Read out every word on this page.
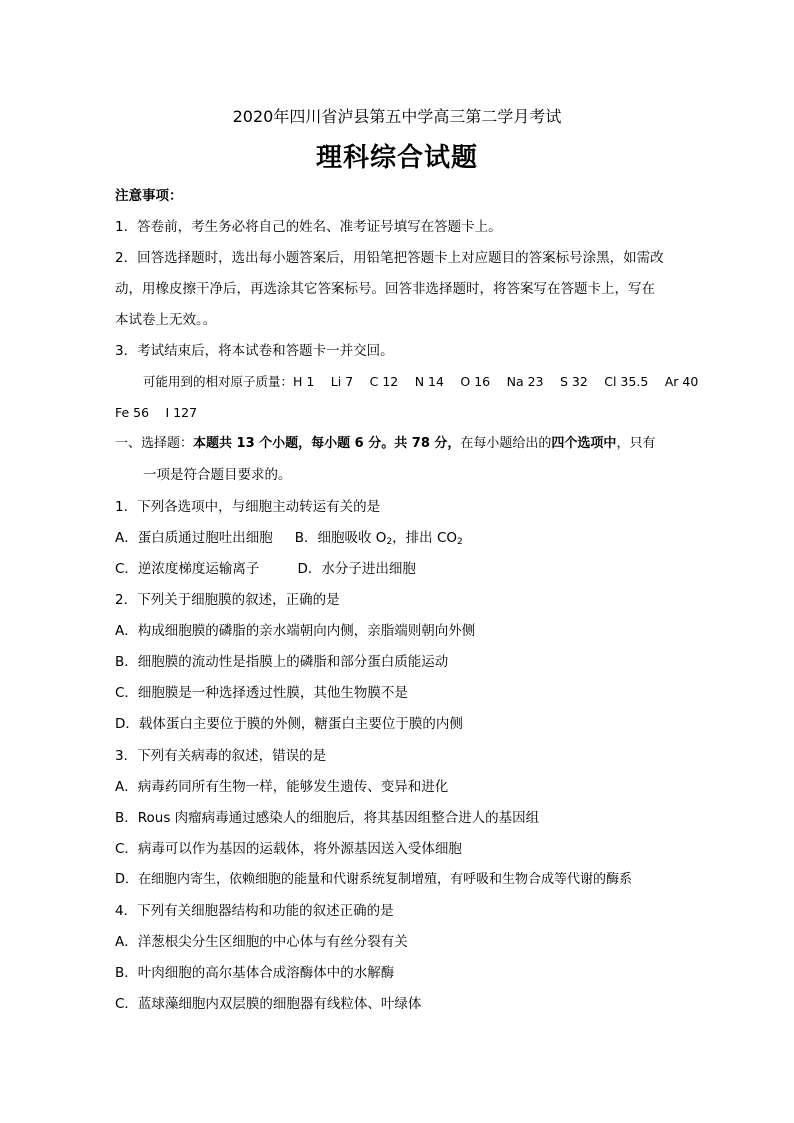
2020年四川省泸县第五中学高三第二学月考试
理科综合试题
注意事项：
1．答卷前，考生务必将自己的姓名、准考证号填写在答题卡上。
2．回答选择题时，选出每小题答案后，用铅笔把答题卡上对应题目的答案标号涂黑，如需改
动，用橡皮擦干净后，再选涂其它答案标号。回答非选择题时，将答案写在答题卡上，写在
本试卷上无效。。
3．考试结束后，将本试卷和答题卡一并交回。
可能用到的相对原子质量：H 1　 Li 7　 C 12　 N 14　 O 16　 Na 23　 S 32　 Cl 35.5　 Ar 40
Fe 56　 I 127
一、选择题：本题共 13 个小题，每小题 6 分。共 78 分，在每小题给出的四个选项中，只有
一项是符合题目要求的。
1．下列各选项中，与细胞主动转运有关的是
A．蛋白质通过胞吐出细胞 B．细胞吸收 $O_2$，排出 $CO_2$
C．逆浓度梯度运输离子	D．水分子进出细胞
2．下列关于细胞膜的叙述，正确的是
A．构成细胞膜的磷脂的亲水端朝向内侧，亲脂端则朝向外侧
B．细胞膜的流动性是指膜上的磷脂和部分蛋白质能运动
C．细胞膜是一种选择透过性膜，其他生物膜不是
D．载体蛋白主要位于膜的外侧，糖蛋白主要位于膜的内侧
3．下列有关病毒的叙述，错误的是
A．病毒药同所有生物一样，能够发生遗传、变异和进化
B．Rous 肉瘤病毒通过感染人的细胞后，将其基因组整合进人的基因组
C．病毒可以作为基因的运载体，将外源基因送入受体细胞
D．在细胞内寄生，依赖细胞的能量和代谢系统复制增殖，有呼吸和生物合成等代谢的酶系
4．下列有关细胞器结构和功能的叙述正确的是
A．洋葱根尖分生区细胞的中心体与有丝分裂有关
B．叶肉细胞的高尔基体合成溶酶体中的水解酶
C．蓝球藻细胞内双层膜的细胞器有线粒体、叶绿体
